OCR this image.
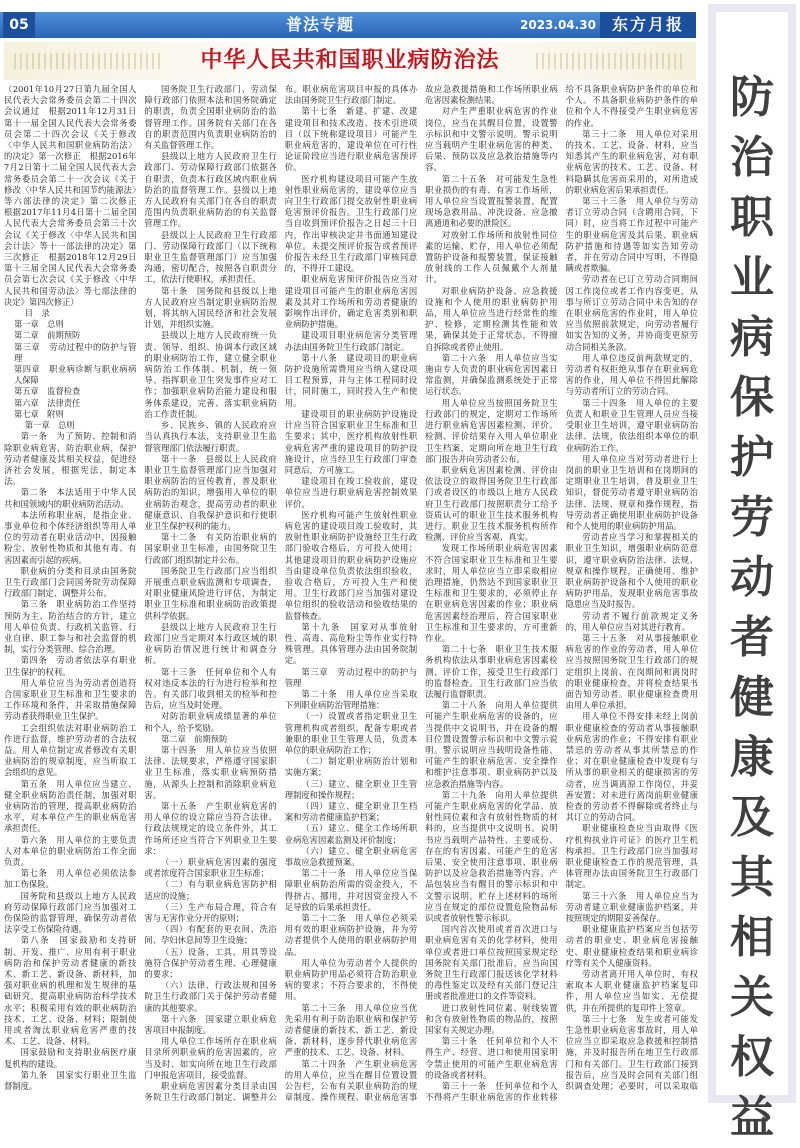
05	普法专题	2023.04.30	东方月报
中华人民共和国职业病防治法

（2001年10月27日第九届全国人民代表大会常务委员会第二十四次会议通过　根据2011年12月31日第十一届全国人民代表大会常务委员会第二十四次会议《关于修改〈中华人民共和国职业病防治法〉的决定》第一次修正　根据2016年7月2日第十二届全国人民代表大会常务委员会第二十一次会议《关于修改〈中华人民共和国节约能源法〉等六部法律的决定》第二次修正　根据2017年11月4日第十二届全国人民代表大会常务委员会第三十次会议《关于修改〈中华人民共和国会计法〉等十一部法律的决定》第三次修正　根据2018年12月29日第十三届全国人民代表大会常务委员会第七次会议《关于修改〈中华人民共和国劳动法〉等七部法律的决定》第四次修正）

目　录

第一章　总则

第二章　前期预防

第三章　劳动过程中的防护与管理

第四章　职业病诊断与职业病病人保障

第五章　监督检查

第六章　法律责任

第七章　附则

第一章　总则

第一条　为了预防、控制和消除职业病危害，防治职业病，保护劳动者健康及其相关权益，促进经济社会发展，根据宪法，制定本法。

第二条　本法适用于中华人民共和国领域内的职业病防治活动。

本法所称职业病，是指企业、事业单位和个体经济组织等用人单位的劳动者在职业活动中，因接触粉尘、放射性物质和其他有毒、有害因素而引起的疾病。

职业病的分类和目录由国务院卫生行政部门会同国务院劳动保障行政部门制定、调整并公布。

第三条　职业病防治工作坚持预防为主、防治结合的方针，建立用人单位负责、行政机关监管、行业自律、职工参与和社会监督的机制，实行分类管理、综合治理。

第四条　劳动者依法享有职业卫生保护的权利。

用人单位应当为劳动者创造符合国家职业卫生标准和卫生要求的工作环境和条件，并采取措施保障劳动者获得职业卫生保护。

工会组织依法对职业病防治工作进行监督，维护劳动者的合法权益。用人单位制定或者修改有关职业病防治的规章制度，应当听取工会组织的意见。

第五条　用人单位应当建立、健全职业病防治责任制，加强对职业病防治的管理，提高职业病防治水平，对本单位产生的职业病危害承担责任。

第六条　用人单位的主要负责人对本单位的职业病防治工作全面负责。

第七条　用人单位必须依法参加工伤保险。

国务院和县级以上地方人民政府劳动保障行政部门应当加强对工伤保险的监督管理，确保劳动者依法享受工伤保险待遇。

第八条　国家鼓励和支持研制、开发、推广、应用有利于职业病防治和保护劳动者健康的新技术、新工艺、新设备、新材料，加强对职业病的机理和发生规律的基础研究，提高职业病防治科学技术水平；积极采用有效的职业病防治技术、工艺、设备、材料；限制使用或者淘汰职业病危害严重的技术、工艺、设备、材料。

国家鼓励和支持职业病医疗康复机构的建设。

第九条　国家实行职业卫生监督制度。

国务院卫生行政部门、劳动保障行政部门依照本法和国务院确定的职责，负责全国职业病防治的监督管理工作。国务院有关部门在各自的职责范围内负责职业病防治的有关监督管理工作。

县级以上地方人民政府卫生行政部门、劳动保障行政部门依据各自职责，负责本行政区域内职业病防治的监督管理工作。县级以上地方人民政府有关部门在各自的职责范围内负责职业病防治的有关监督管理工作。

县级以上人民政府卫生行政部门、劳动保障行政部门（以下统称职业卫生监督管理部门）应当加强沟通，密切配合，按照各自职责分工，依法行使职权，承担责任。

第十条　国务院和县级以上地方人民政府应当制定职业病防治规划，将其纳入国民经济和社会发展计划，并组织实施。

县级以上地方人民政府统一负责、领导、组织、协调本行政区域的职业病防治工作，建立健全职业病防治工作体制、机制，统一领导、指挥职业卫生突发事件应对工作；加强职业病防治能力建设和服务体系建设，完善、落实职业病防治工作责任制。

乡、民族乡、镇的人民政府应当认真执行本法，支持职业卫生监督管理部门依法履行职责。

第十一条　县级以上人民政府职业卫生监督管理部门应当加强对职业病防治的宣传教育，普及职业病防治的知识，增强用人单位的职业病防治观念，提高劳动者的职业健康意识、自我保护意识和行使职业卫生保护权利的能力。

第十二条　有关防治职业病的国家职业卫生标准，由国务院卫生行政部门组织制定并公布。

国务院卫生行政部门应当组织开展重点职业病监测和专项调查，对职业健康风险进行评估，为制定职业卫生标准和职业病防治政策提供科学依据。

县级以上地方人民政府卫生行政部门应当定期对本行政区域的职业病防治情况进行统计和调查分析。

第十三条　任何单位和个人有权对违反本法的行为进行检举和控告。有关部门收到相关的检举和控告后，应当及时处理。

对防治职业病成绩显著的单位和个人，给予奖励。

第二章　前期预防

第十四条　用人单位应当依照法律、法规要求，严格遵守国家职业卫生标准，落实职业病预防措施，从源头上控制和消除职业病危害。

第十五条　产生职业病危害的用人单位的设立除应当符合法律、行政法规规定的设立条件外，其工作场所还应当符合下列职业卫生要求：

（一）职业病危害因素的强度或者浓度符合国家职业卫生标准；

（二）有与职业病危害防护相适应的设施；

（三）生产布局合理，符合有害与无害作业分开的原则；

（四）有配套的更衣间、洗浴间、孕妇休息间等卫生设施；

（五）设备、工具、用具等设施符合保护劳动者生理、心理健康的要求；

（六）法律、行政法规和国务院卫生行政部门关于保护劳动者健康的其他要求。

第十六条　国家建立职业病危害项目申报制度。

用人单位工作场所存在职业病目录所列职业病的危害因素的，应当及时、如实向所在地卫生行政部门申报危害项目，接受监督。

职业病危害因素分类目录由国务院卫生行政部门制定、调整并公布。职业病危害项目申报的具体办法由国务院卫生行政部门制定。

第十七条　新建、扩建、改建建设项目和技术改造、技术引进项目（以下统称建设项目）可能产生职业病危害的，建设单位在可行性论证阶段应当进行职业病危害预评价。

医疗机构建设项目可能产生放射性职业病危害的，建设单位应当向卫生行政部门提交放射性职业病危害预评价报告。卫生行政部门应当自收到预评价报告之日起三十日内，作出审核决定并书面通知建设单位。未提交预评价报告或者预评价报告未经卫生行政部门审核同意的，不得开工建设。

职业病危害预评价报告应当对建设项目可能产生的职业病危害因素及其对工作场所和劳动者健康的影响作出评价，确定危害类别和职业病防护措施。

建设项目职业病危害分类管理办法由国务院卫生行政部门制定。

第十八条　建设项目的职业病防护设施所需费用应当纳入建设项目工程预算，并与主体工程同时设计，同时施工，同时投入生产和使用。

建设项目的职业病防护设施设计应当符合国家职业卫生标准和卫生要求；其中，医疗机构放射性职业病危害严重的建设项目的防护设施设计，应当经卫生行政部门审查同意后，方可施工。

建设项目在竣工验收前，建设单位应当进行职业病危害控制效果评价。

医疗机构可能产生放射性职业病危害的建设项目竣工验收时，其放射性职业病防护设施经卫生行政部门验收合格后，方可投入使用；其他建设项目的职业病防护设施应当由建设单位负责依法组织验收，验收合格后，方可投入生产和使用。卫生行政部门应当加强对建设单位组织的验收活动和验收结果的监督核查。

第十九条　国家对从事放射性、高毒、高危粉尘等作业实行特殊管理。具体管理办法由国务院制定。

第三章　劳动过程中的防护与管理

第二十条　用人单位应当采取下列职业病防治管理措施：

（一）设置或者指定职业卫生管理机构或者组织，配备专职或者兼职的职业卫生管理人员，负责本单位的职业病防治工作；

（二）制定职业病防治计划和实施方案；

（三）建立、健全职业卫生管理制度和操作规程；

（四）建立、健全职业卫生档案和劳动者健康监护档案；

（五）建立、健全工作场所职业病危害因素监测及评价制度；

（六）建立、健全职业病危害事故应急救援预案。

第二十一条　用人单位应当保障职业病防治所需的资金投入，不得挤占、挪用，并对因资金投入不足导致的后果承担责任。

第二十二条　用人单位必须采用有效的职业病防护设施，并为劳动者提供个人使用的职业病防护用品。

用人单位为劳动者个人提供的职业病防护用品必须符合防治职业病的要求；不符合要求的，不得使用。

第二十三条　用人单位应当优先采用有利于防治职业病和保护劳动者健康的新技术、新工艺、新设备、新材料，逐步替代职业病危害严重的技术、工艺、设备、材料。

第二十四条　产生职业病危害的用人单位，应当在醒目位置设置公告栏，公布有关职业病防治的规章制度、操作规程、职业病危害事故应急救援措施和工作场所职业病危害因素检测结果。

对产生严重职业病危害的作业岗位，应当在其醒目位置，设置警示标识和中文警示说明。警示说明应当载明产生职业病危害的种类、后果、预防以及应急救治措施等内容。

第二十五条　对可能发生急性职业损伤的有毒、有害工作场所，用人单位应当设置报警装置，配置现场急救用品、冲洗设备、应急撤离通道和必要的泄险区。

对放射工作场所和放射性同位素的运输、贮存，用人单位必须配置防护设备和报警装置，保证接触放射线的工作人员佩戴个人剂量计。

对职业病防护设备、应急救援设施和个人使用的职业病防护用品，用人单位应当进行经常性的维护、检修，定期检测其性能和效果，确保其处于正常状态，不得擅自拆除或者停止使用。

第二十六条　用人单位应当实施由专人负责的职业病危害因素日常监测，并确保监测系统处于正常运行状态。

用人单位应当按照国务院卫生行政部门的规定，定期对工作场所进行职业病危害因素检测、评价。检测、评价结果存入用人单位职业卫生档案，定期向所在地卫生行政部门报告并向劳动者公布。

职业病危害因素检测、评价由依法设立的取得国务院卫生行政部门或者设区的市级以上地方人民政府卫生行政部门按照职责分工给予资质认可的职业卫生技术服务机构进行。职业卫生技术服务机构所作检测、评价应当客观、真实。

发现工作场所职业病危害因素不符合国家职业卫生标准和卫生要求时，用人单位应当立即采取相应治理措施，仍然达不到国家职业卫生标准和卫生要求的，必须停止存在职业病危害因素的作业；职业病危害因素经治理后，符合国家职业卫生标准和卫生要求的，方可重新作业。

第二十七条　职业卫生技术服务机构依法从事职业病危害因素检测、评价工作，接受卫生行政部门的监督检查。卫生行政部门应当依法履行监督职责。

第二十八条　向用人单位提供可能产生职业病危害的设备的，应当提供中文说明书，并在设备的醒目位置设置警示标识和中文警示说明。警示说明应当载明设备性能、可能产生的职业病危害、安全操作和维护注意事项、职业病防护以及应急救治措施等内容。

第二十九条　向用人单位提供可能产生职业病危害的化学品、放射性同位素和含有放射性物质的材料的，应当提供中文说明书。说明书应当载明产品特性、主要成份、存在的有害因素、可能产生的危害后果、安全使用注意事项、职业病防护以及应急救治措施等内容。产品包装应当有醒目的警示标识和中文警示说明。贮存上述材料的场所应当在规定的部位设置危险物品标识或者放射性警示标识。

国内首次使用或者首次进口与职业病危害有关的化学材料，使用单位或者进口单位按照国家规定经国务院有关部门批准后，应当向国务院卫生行政部门报送该化学材料的毒性鉴定以及经有关部门登记注册或者批准进口的文件等资料。

进口放射性同位素、射线装置和含有放射性物质的物品的，按照国家有关规定办理。

第三十条　任何单位和个人不得生产、经营、进口和使用国家明令禁止使用的可能产生职业病危害的设备或者材料。

第三十一条　任何单位和个人不得将产生职业病危害的作业转移给不具备职业病防护条件的单位和个人。不具备职业病防护条件的单位和个人不得接受产生职业病危害的作业。

第三十二条　用人单位对采用的技术、工艺、设备、材料，应当知悉其产生的职业病危害，对有职业病危害的技术、工艺、设备、材料隐瞒其危害而采用的，对所造成的职业病危害后果承担责任。

第三十三条　用人单位与劳动者订立劳动合同（含聘用合同，下同）时，应当将工作过程中可能产生的职业病危害及其后果、职业病防护措施和待遇等如实告知劳动者，并在劳动合同中写明，不得隐瞒或者欺骗。

劳动者在已订立劳动合同期间因工作岗位或者工作内容变更，从事与所订立劳动合同中未告知的存在职业病危害的作业时，用人单位应当依照前款规定，向劳动者履行如实告知的义务，并协商变更原劳动合同相关条款。

用人单位违反前两款规定的，劳动者有权拒绝从事存在职业病危害的作业，用人单位不得因此解除与劳动者所订立的劳动合同。

第三十四条　用人单位的主要负责人和职业卫生管理人员应当接受职业卫生培训，遵守职业病防治法律、法规，依法组织本单位的职业病防治工作。

用人单位应当对劳动者进行上岗前的职业卫生培训和在岗期间的定期职业卫生培训，普及职业卫生知识，督促劳动者遵守职业病防治法律、法规、规章和操作规程，指导劳动者正确使用职业病防护设备和个人使用的职业病防护用品。

劳动者应当学习和掌握相关的职业卫生知识，增强职业病防范意识，遵守职业病防治法律、法规、规章和操作规程，正确使用、维护职业病防护设备和个人使用的职业病防护用品，发现职业病危害事故隐患应当及时报告。

劳动者不履行前款规定义务的，用人单位应当对其进行教育。

第三十五条　对从事接触职业病危害的作业的劳动者，用人单位应当按照国务院卫生行政部门的规定组织上岗前、在岗期间和离岗时的职业健康检查，并将检查结果书面告知劳动者。职业健康检查费用由用人单位承担。

用人单位不得安排未经上岗前职业健康检查的劳动者从事接触职业病危害的作业；不得安排有职业禁忌的劳动者从事其所禁忌的作业；对在职业健康检查中发现有与所从事的职业相关的健康损害的劳动者，应当调离原工作岗位，并妥善安置；对未进行离岗前职业健康检查的劳动者不得解除或者终止与其订立的劳动合同。

职业健康检查应当由取得《医疗机构执业许可证》的医疗卫生机构承担。卫生行政部门应当加强对职业健康检查工作的规范管理，具体管理办法由国务院卫生行政部门制定。

第三十六条　用人单位应当为劳动者建立职业健康监护档案，并按照规定的期限妥善保存。

职业健康监护档案应当包括劳动者的职业史、职业病危害接触史、职业健康检查结果和职业病诊疗等有关个人健康资料。

劳动者离开用人单位时，有权索取本人职业健康监护档案复印件，用人单位应当如实、无偿提供，并在所提供的复印件上签章。

第三十七条　发生或者可能发生急性职业病危害事故时，用人单位应当立即采取应急救援和控制措施，并及时报告所在地卫生行政部门和有关部门。卫生行政部门接到报告后，应当及时会同有关部门组织调查处理；必要时，可以采取临

防治职业病保护劳动者健康及其相关权益
